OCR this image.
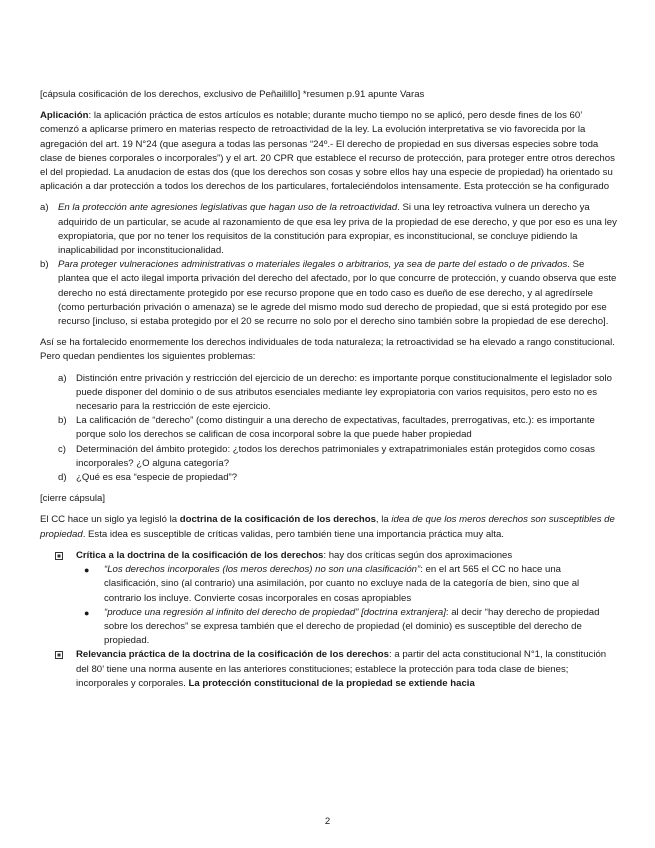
[cápsula cosificación de los derechos, exclusivo de Peñailillo] *resumen p.91 apunte Varas

Aplicación: la aplicación práctica de estos artículos es notable; durante mucho tiempo no se aplicó, pero desde fines de los 60’ comenzó a aplicarse primero en materias respecto de retroactividad de la ley. La evolución interpretativa se vio favorecida por la agregación del art. 19 N°24 (que asegura a todas las personas “24º.- El derecho de propiedad en sus diversas especies sobre toda clase de bienes corporales o incorporales”) y el art. 20 CPR que establece el recurso de protección, para proteger entre otros derechos el del propiedad. La anudacion de estas dos (que los derechos son cosas y sobre ellos hay una especie de propiedad) ha orientado su aplicación a dar protección a todos los derechos de los particulares, fortaleciéndolos intensamente. Esta protección se ha configurado

a) En la protección ante agresiones legislativas que hagan uso de la retroactividad. Si una ley retroactiva vulnera un derecho ya adquirido de un particular, se acude al razonamiento de que esa ley priva de la propiedad de ese derecho, y que por eso es una ley expropiatoria, que por no tener los requisitos de la constitución para expropiar, es inconstitucional, se concluye pidiendo la inaplicabilidad por inconstitucionalidad.
b) Para proteger vulneraciones administrativas o materiales ilegales o arbitrarios, ya sea de parte del estado o de privados. Se plantea que el acto ilegal importa privación del derecho del afectado, por lo que concurre de protección, y cuando observa que este derecho no está directamente protegido por ese recurso propone que en todo caso es dueño de ese derecho, y al agredírsele (como perturbación privación o amenaza) se le agrede del mismo modo sud derecho de propiedad, que si está protegido por ese recurso [incluso, si estaba protegido por el 20 se recurre no solo por el derecho sino también sobre la propiedad de ese derecho].

Así se ha fortalecido enormemente los derechos individuales de toda naturaleza; la retroactividad se ha elevado a rango constitucional. Pero quedan pendientes los siguientes problemas:

a) Distinción entre privación y restricción del ejercicio de un derecho: es importante porque constitucionalmente el legislador solo puede disponer del dominio o de sus atributos esenciales mediante ley expropiatoria con varios requisitos, pero esto no es necesario para la restricción de este ejercicio.
b) La calificación de “derecho” (como distinguir a una derecho de expectativas, facultades, prerrogativas, etc.): es importante porque solo los derechos se califican de cosa incorporal sobre la que puede haber propiedad
c)	Determinación del ámbito protegido: ¿todos los derechos patrimoniales y extrapatrimoniales están protegidos como cosas incorporales? ¿O alguna categoría?
d) ¿Qué es esa “especie de propiedad”?

[cierre cápsula]

El CC hace un siglo ya legisló la doctrina de la cosificación de los derechos, la idea de que los meros derechos son susceptibles de propiedad. Esta idea es susceptible de críticas validas, pero también tiene una importancia práctica muy alta.

Crítica a la doctrina de la cosificación de los derechos: hay dos críticas según dos aproximaciones
●	“Los derechos incorporales (los meros derechos) no son una clasificación”: en el art 565 el CC no hace una clasificación, sino (al contrario) una asimilación, por cuanto no excluye nada de la categoría de bien, sino que al contrario los incluye. Convierte cosas incorporales en cosas apropiables
●	“produce una regresión al infinito del derecho de propiedad” [doctrina extranjera]: al decir “hay derecho de propiedad sobre los derechos” se expresa también que el derecho de propiedad (el dominio) es susceptible del derecho de propiedad.
Relevancia práctica de la doctrina de la cosificación de los derechos: a partir del acta constitucional N°1, la constitución del 80’ tiene una norma ausente en las anteriores constituciones; establece la protección para toda clase de bienes; incorporales y corporales. La protección constitucional de la propiedad se extiende hacia
2
